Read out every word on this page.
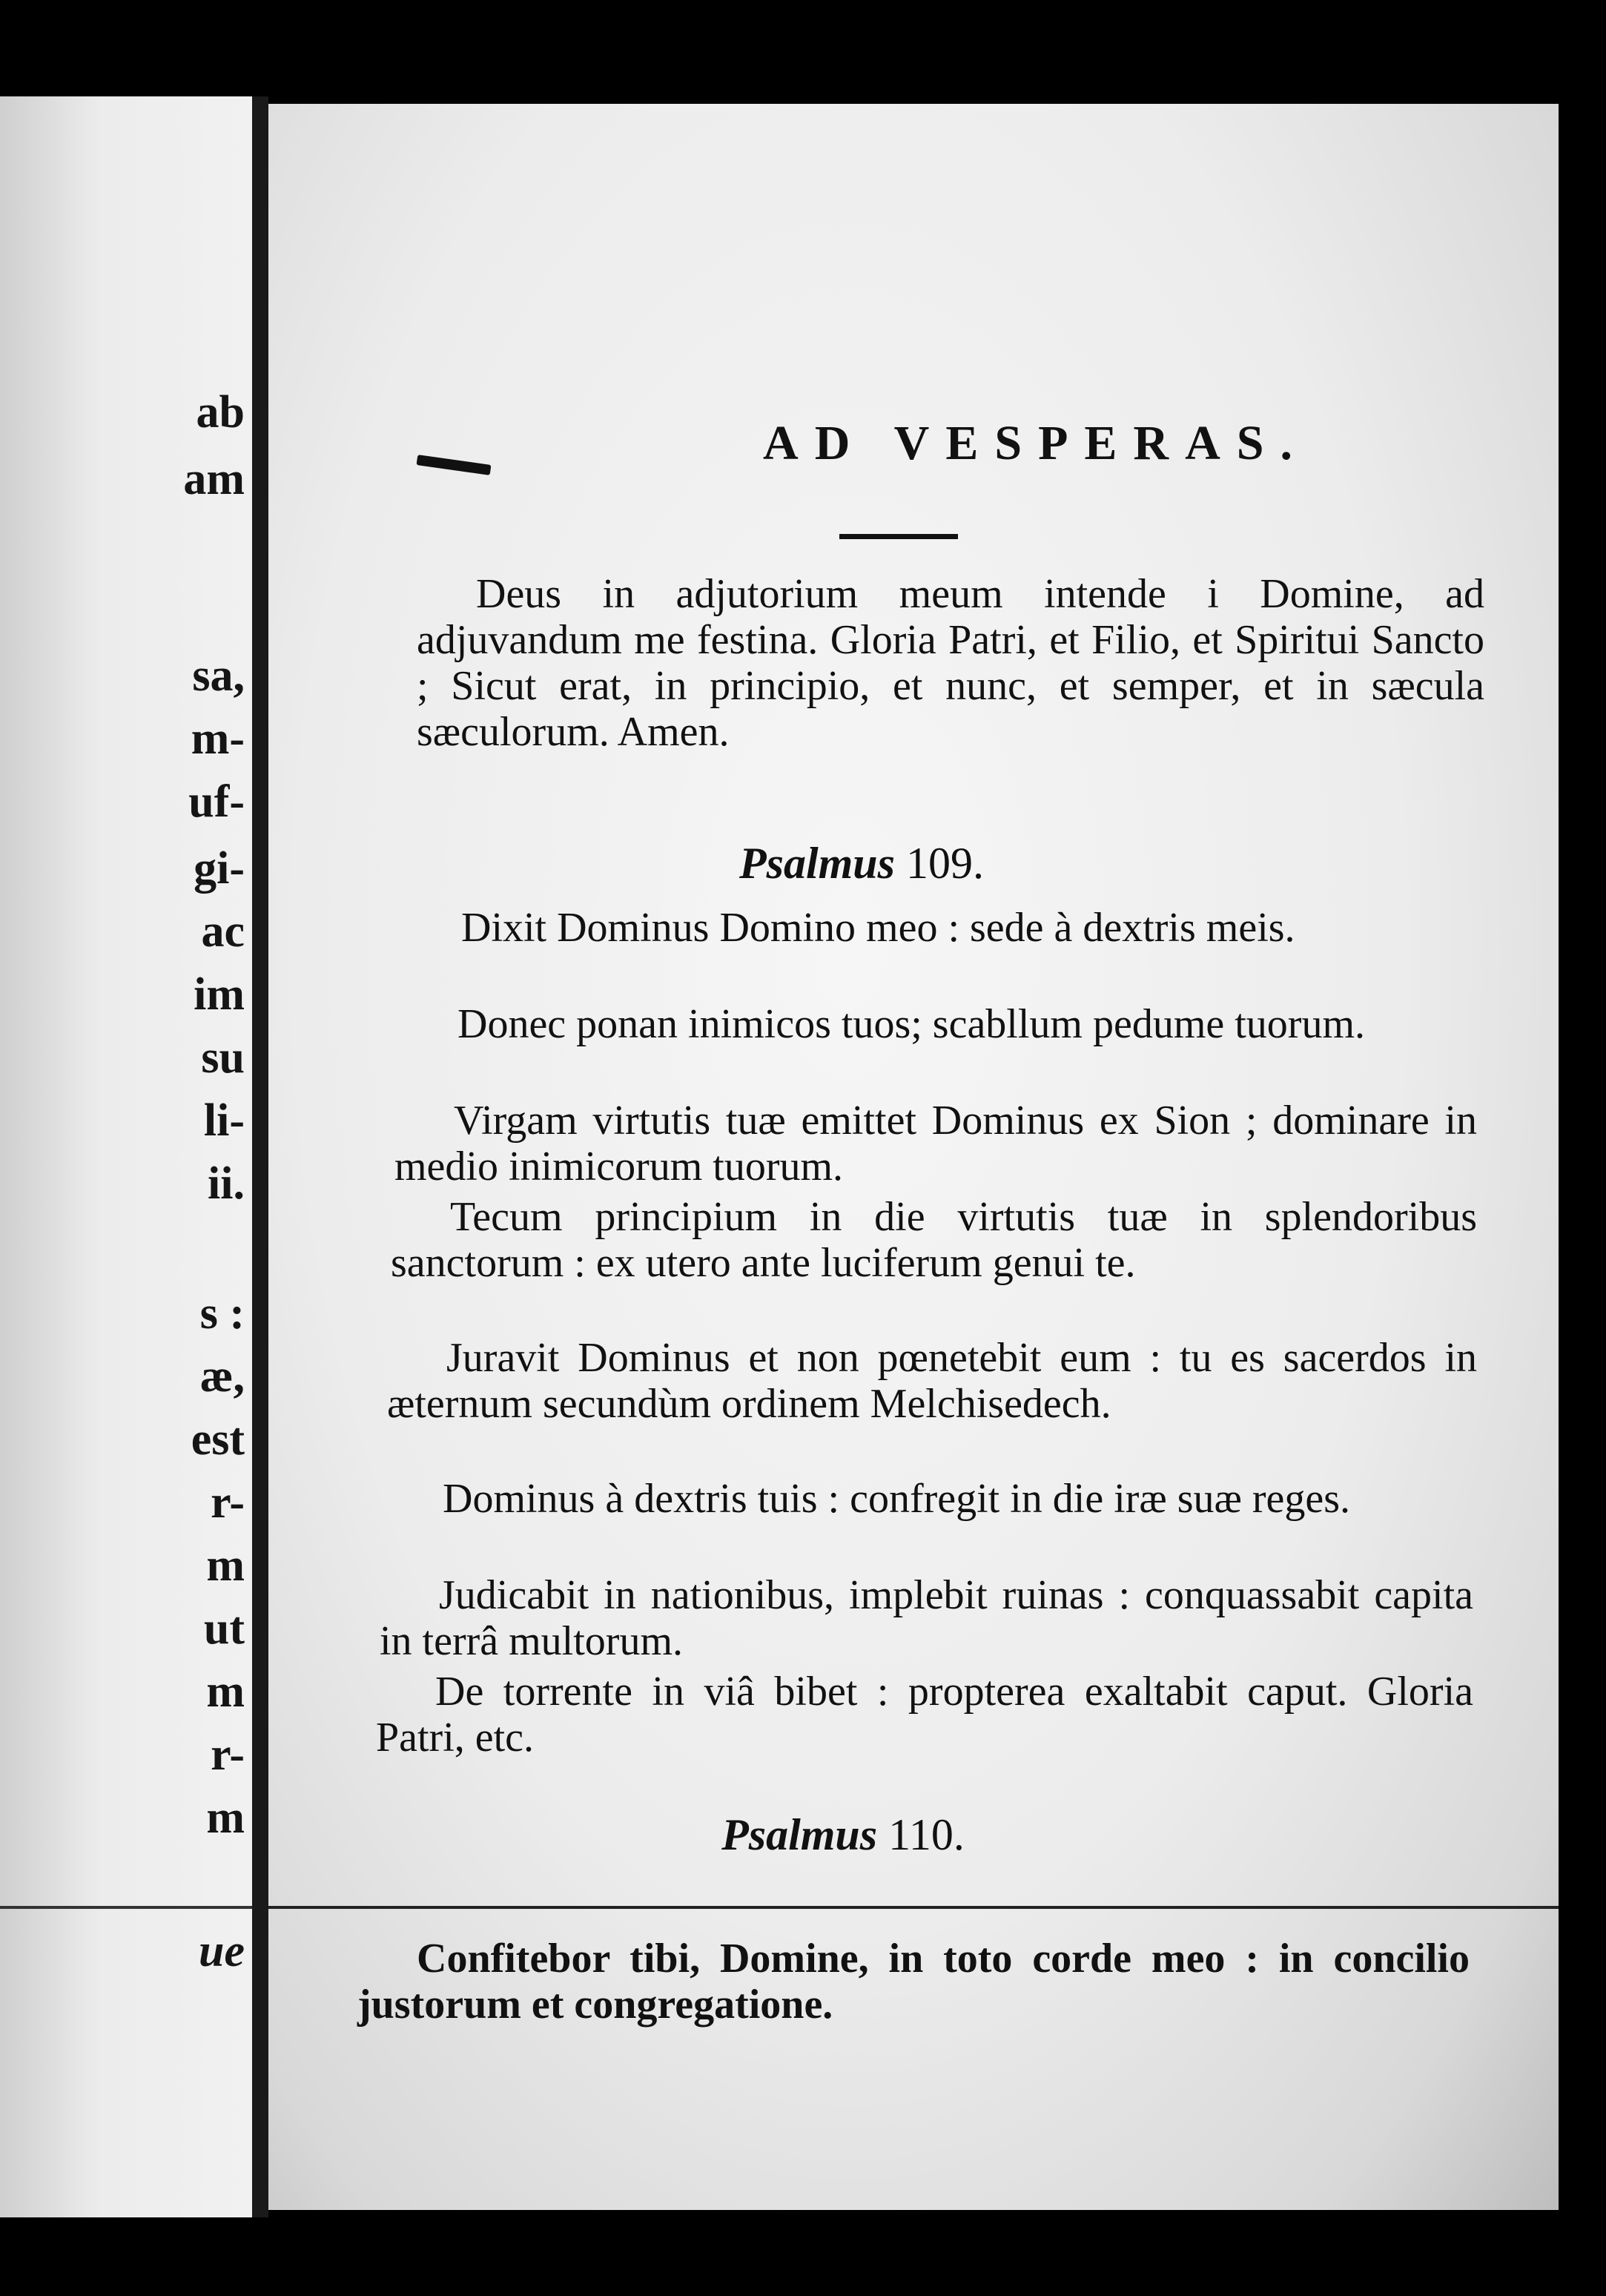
ab
am
sa,
m-
uf-
gi-
ac
im
su
li-
ii.
s :
æ,
est
r-
m
ut
m
r-
m
ue
AD VESPERAS.
Deus in adjutorium meum intende i Domine, ad adjuvandum me festina. Gloria Patri, et Filio, et Spiritui Sancto ; Sicut erat, in principio, et nunc, et semper, et in sæcula sæculorum. Amen.
Psalmus 109.
Dixit Dominus Domino meo : sede à dextris meis.
Donec ponan inimicos tuos; scabllum pedume tuorum.
Virgam virtutis tuæ emittet Dominus ex Sion ; dominare in medio inimicorum tuorum.
Tecum principium in die virtutis tuæ in splendoribus sanctorum : ex utero ante luciferum genui te.
Juravit Dominus et non pœnetebit eum : tu es sacerdos in æternum secundùm ordinem Melchisedech.
Dominus à dextris tuis : confregit in die iræ suæ reges.
Judicabit in nationibus, implebit ruinas : conquassabit capita in terrâ multorum.
De torrente in viâ bibet : propterea exaltabit caput. Gloria Patri, etc.
Psalmus 110.
Confitebor tibi, Domine, in toto corde meo : in concilio justorum et congregatione.
